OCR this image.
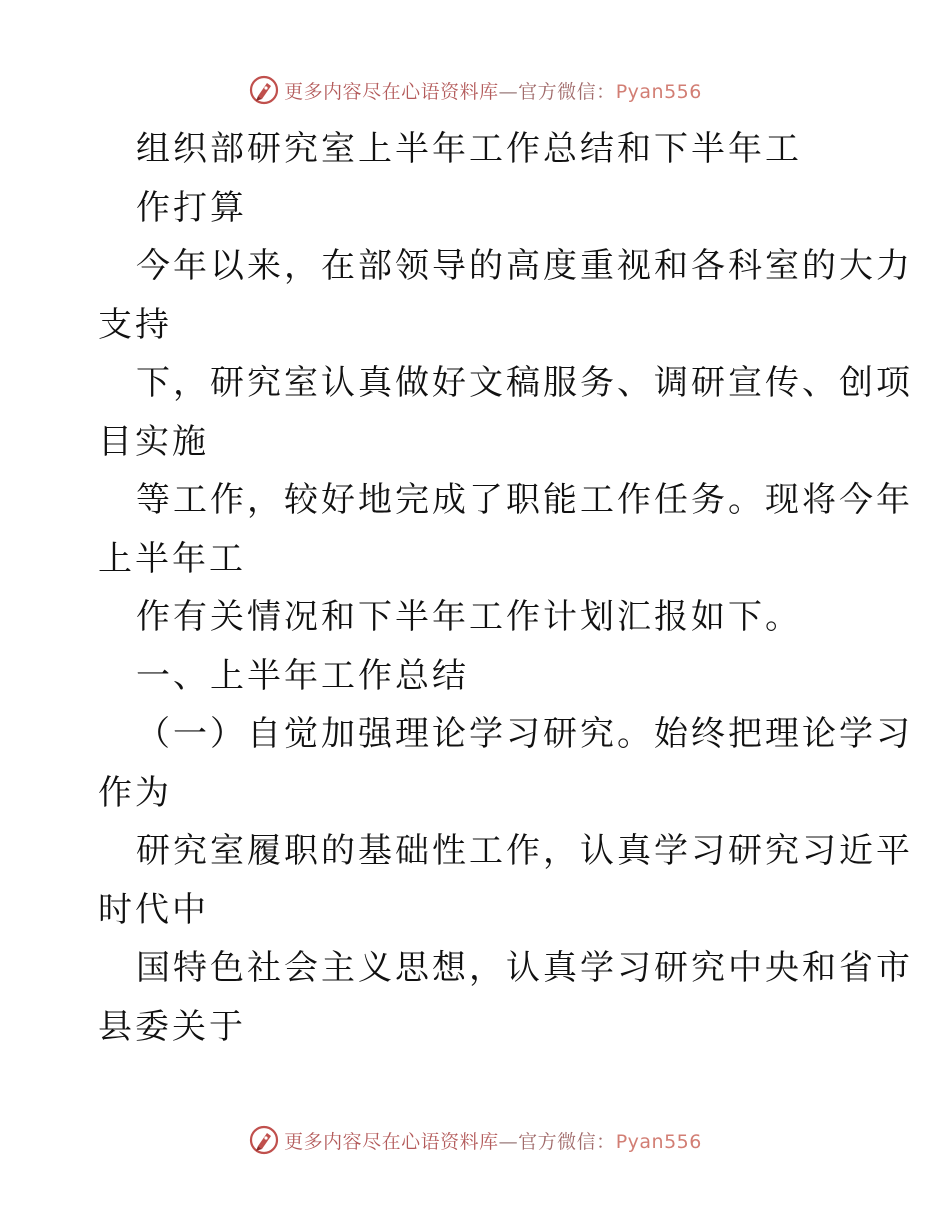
更多内容尽在心语资料库—官方微信：Pyan556
组织部研究室上半年工作总结和下半年工
作打算
今年以来，在部领导的高度重视和各科室的大力
支持
下，研究室认真做好文稿服务、调研宣传、创项
目实施
等工作，较好地完成了职能工作任务。现将今年
上半年工
作有关情况和下半年工作计划汇报如下。
一、上半年工作总结
（一）自觉加强理论学习研究。始终把理论学习
作为
研究室履职的基础性工作，认真学习研究习近平
时代中
国特色社会主义思想，认真学习研究中央和省市
县委关于
更多内容尽在心语资料库—官方微信：Pyan556
